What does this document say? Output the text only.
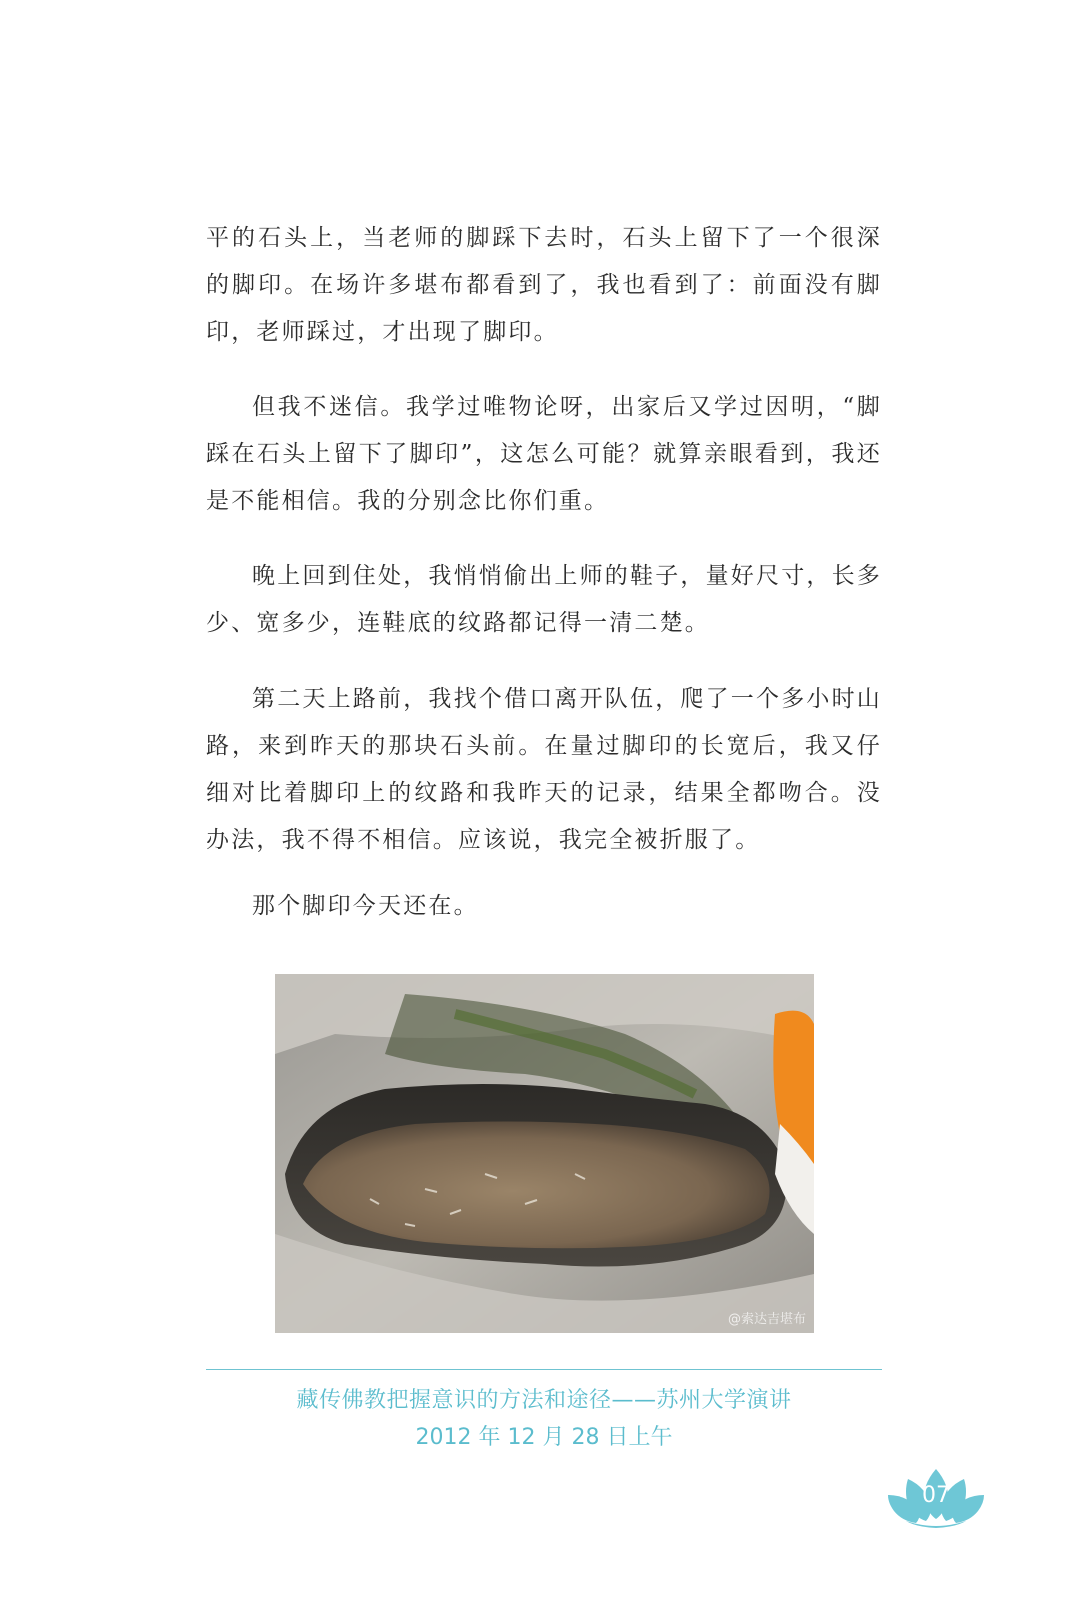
平的石头上，当老师的脚踩下去时，石头上留下了一个很深的脚印。在场许多堪布都看到了，我也看到了：前面没有脚印，老师踩过，才出现了脚印。
但我不迷信。我学过唯物论呀，出家后又学过因明，“脚踩在石头上留下了脚印”，这怎么可能？就算亲眼看到，我还是不能相信。我的分别念比你们重。
晚上回到住处，我悄悄偷出上师的鞋子，量好尺寸，长多少、宽多少，连鞋底的纹路都记得一清二楚。
第二天上路前，我找个借口离开队伍，爬了一个多小时山路，来到昨天的那块石头前。在量过脚印的长宽后，我又仔细对比着脚印上的纹路和我昨天的记录，结果全都吻合。没办法，我不得不相信。应该说，我完全被折服了。
那个脚印今天还在。
@索达吉堪布
藏传佛教把握意识的方法和途径——苏州大学演讲
2012 年 12 月 28 日上午
07
